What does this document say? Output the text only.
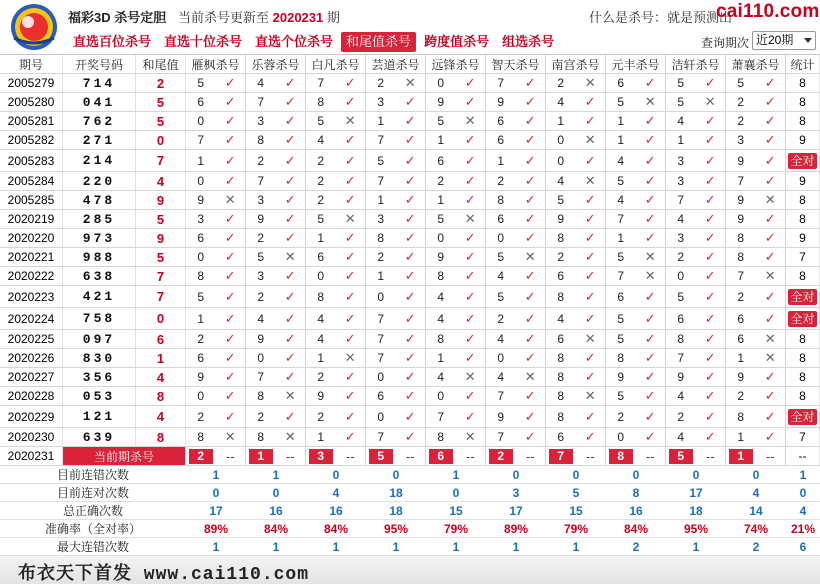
福彩3D 杀号定胆 当前杀号更新至 2020231 期	什么是杀号：就是预测出
cai110.com
直选百位杀号	直选十位杀号	直选个位杀号	和尾值杀号	跨度值杀号	组选杀号	查询期次 近20期
期号	开奖号码	和尾值	雁枫杀号 乐蓉杀号 白凡杀号 芸道杀号 远锋杀号 智天杀号 南宫杀号 元丰杀号 洁轩杀号 萧襄杀号 统计
2005279	714	2	5	✓	4	✓	7	✓	2	✕	0	✓	7	✓	2	✕	6	✓	5	✓	5	✓	8
2005280	041	5	6	✓	7	✓	8	✓	3	✓	9	✓	9	✓	4	✓	5	✕	5	✕	2	✓	8
2005281	762	5	0	✓	3	✓	5	✕	1	✓	5	✕	6	✓	1	✓	1	✓	4	✓	2	✓	8
2005282	271	0	7	✓	8	✓	4	✓	7	✓	1	✓	6	✓	0	✕	1	✓	1	✓	3	✓	9
2005283	214	7	1	✓	2	✓	2	✓	5	✓	6	✓	1	✓	0	✓	4	✓	3	✓	9	✓	全对
2005284	220	4	0	✓	7	✓	2	✓	7	✓	2	✓	2	✓	4	✕	5	✓	3	✓	7	✓	9
2005285	478	9	9	✕	3	✓	2	✓	1	✓	1	✓	8	✓	5	✓	4	✓	7	✓	9	✕	8
2020219	285	5	3	✓	9	✓	5	✕	3	✓	5	✕	6	✓	9	✓	7	✓	4	✓	9	✓	8
2020220	973	9	6	✓	2	✓	1	✓	8	✓	0	✓	0	✓	8	✓	1	✓	3	✓	8	✓	9
2020221	988	5	0	✓	5	✕	6	✓	2	✓	9	✓	5	✕	2	✓	5	✕	2	✓	8	✓	7
2020222	638	7	8	✓	3	✓	0	✓	1	✓	8	✓	4	✓	6	✓	7	✕	0	✓	7	✕	8
2020223	421	7	5	✓	2	✓	8	✓	0	✓	4	✓	5	✓	8	✓	6	✓	5	✓	2	✓	全对
2020224	758	0	1	✓	4	✓	4	✓	7	✓	4	✓	2	✓	4	✓	5	✓	6	✓	6	✓	全对
2020225	097	6	2	✓	9	✓	4	✓	7	✓	8	✓	4	✓	6	✕	5	✓	8	✓	6	✕	8
2020226	830	1	6	✓	0	✓	1	✕	7	✓	1	✓	0	✓	8	✓	8	✓	7	✓	1	✕	8
2020227	356	4	9	✓	7	✓	2	✓	0	✓	4	✕	4	✕	8	✓	9	✓	9	✓	9	✓	8
2020228	053	8	0	✓	8	✕	9	✓	6	✓	0	✓	7	✓	8	✕	5	✓	4	✓	2	✓	8
2020229	121	4	2	✓	2	✓	2	✓	0	✓	7	✓	9	✓	8	✓	2	✓	2	✓	8	✓	全对
2020230	639	8	8	✕	8	✕	1	✓	7	✓	8	✕	7	✓	6	✓	0	✓	4	✓	1	✓	7
2020231	当前期杀号	2	--	1	--	3	--	5	--	6	--	2	--	7	--	8	--	5	--	1	--	--
目前连错次数	1	1	0	0	1	0	0	0	0	0	1
目前连对次数	0	0	4	18	0	3	5	8	17	4	0
总正确次数	17	16	16	18	15	17	15	16	18	14	4
准确率（全对率）	89%	84%	84%	95%	79%	89%	79%	84%	95%	74%	21%
最大连错次数	1	1	1	1	1	1	1	2	1	2	6
布衣天下首发 www.cai110.com
